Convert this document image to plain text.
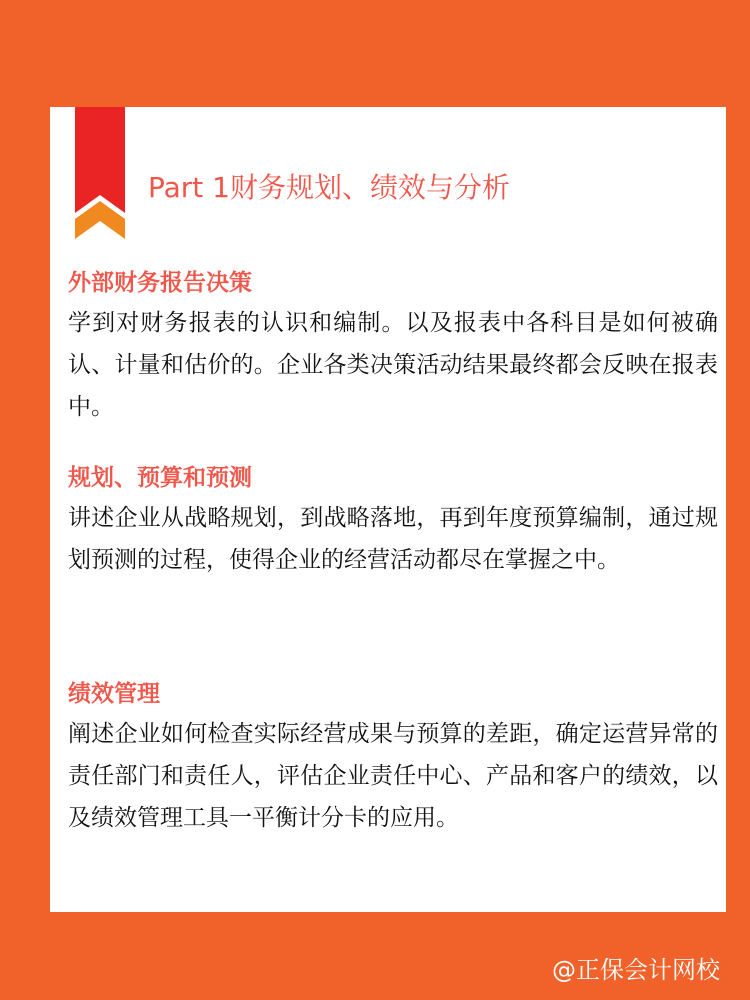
Part 1财务规划、绩效与分析
外部财务报告决策
学到对财务报表的认识和编制。以及报表中各科目是如何被确认、计量和估价的。企业各类决策活动结果最终都会反映在报表中。
规划、预算和预测
讲述企业从战略规划，到战略落地，再到年度预算编制，通过规划预测的过程，使得企业的经营活动都尽在掌握之中。
绩效管理
阐述企业如何检查实际经营成果与预算的差距，确定运营异常的责任部门和责任人，评估企业责任中心、产品和客户的绩效，以及绩效管理工具一平衡计分卡的应用。
@正保会计网校
